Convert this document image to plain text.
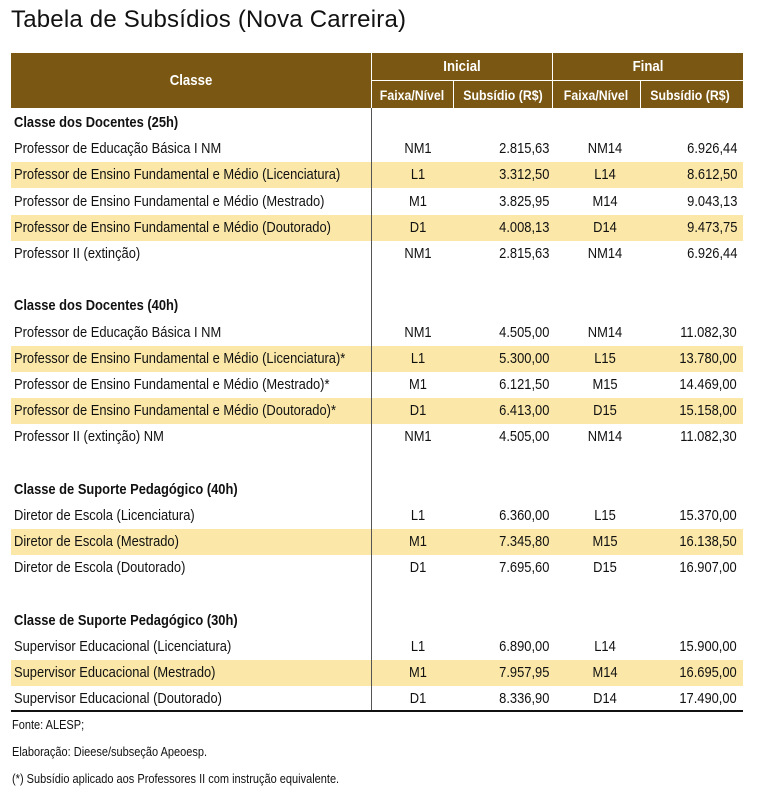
Tabela de Subsídios (Nova Carreira)
Classe
Inicial	Final
Faixa/Nível	Subsídio (R$)	Faixa/Nível	Subsídio (R$)
Classe dos Docentes (25h)
Professor de Educação Básica I NM	NM1	2.815,63	NM14	6.926,44
Professor de Ensino Fundamental e Médio (Licenciatura)	L1	3.312,50	L14	8.612,50
Professor de Ensino Fundamental e Médio (Mestrado)	M1	3.825,95	M14	9.043,13
Professor de Ensino Fundamental e Médio (Doutorado)	D1	4.008,13	D14	9.473,75
Professor II (extinção)	NM1	2.815,63	NM14	6.926,44
Classe dos Docentes (40h)
Professor de Educação Básica I NM	NM1	4.505,00	NM14	11.082,30
Professor de Ensino Fundamental e Médio (Licenciatura)*	L1	5.300,00	L15	13.780,00
Professor de Ensino Fundamental e Médio (Mestrado)*	M1	6.121,50	M15	14.469,00
Professor de Ensino Fundamental e Médio (Doutorado)*	D1	6.413,00	D15	15.158,00
Professor II (extinção) NM	NM1	4.505,00	NM14	11.082,30
Classe de Suporte Pedagógico (40h)
Diretor de Escola (Licenciatura)	L1	6.360,00	L15	15.370,00
Diretor de Escola (Mestrado)	M1	7.345,80	M15	16.138,50
Diretor de Escola (Doutorado)	D1	7.695,60	D15	16.907,00
Classe de Suporte Pedagógico (30h)
Supervisor Educacional (Licenciatura)	L1	6.890,00	L14	15.900,00
Supervisor Educacional (Mestrado)	M1	7.957,95	M14	16.695,00
Supervisor Educacional (Doutorado)	D1	8.336,90	D14	17.490,00
Fonte: ALESP;
Elaboração: Dieese/subseção Apeoesp.
(*) Subsídio aplicado aos Professores II com instrução equivalente.
